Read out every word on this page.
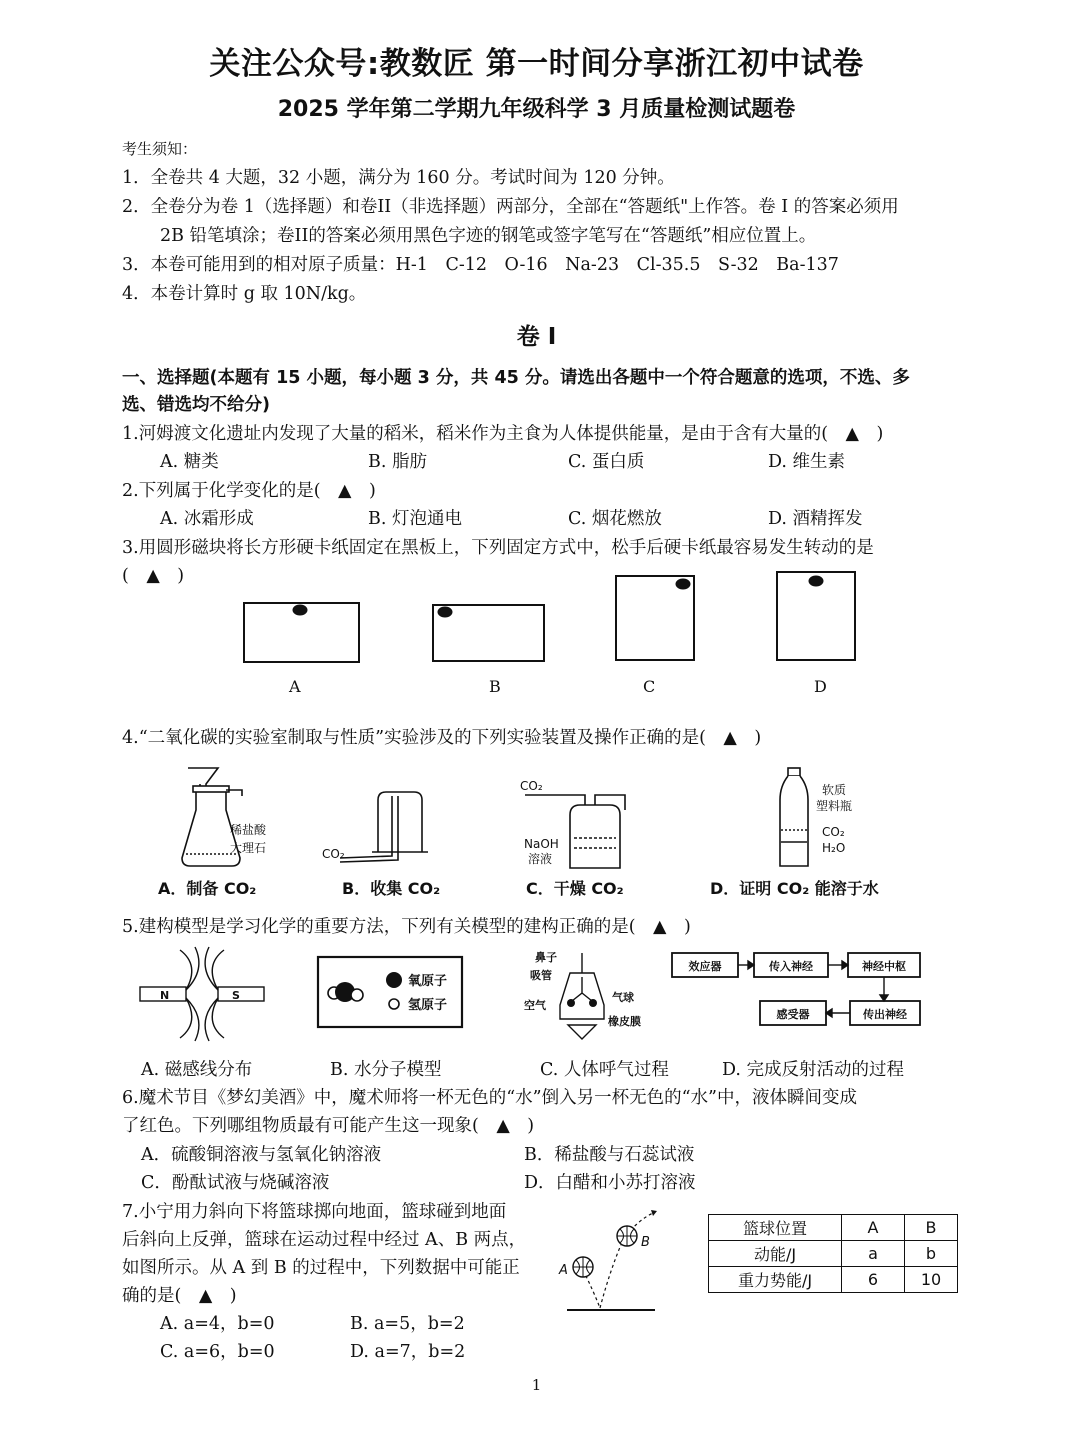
关注公众号:教数匠 第一时间分享浙江初中试卷
2025 学年第二学期九年级科学 3 月质量检测试题卷
考生须知：
1．全卷共 4 大题，32 小题，满分为 160 分。考试时间为 120 分钟。
2．全卷分为卷 1（选择题）和卷II（非选择题）两部分，全部在“答题纸"上作答。卷 I 的答案必须用
2B 铅笔填涂；卷II的答案必须用黑色字迹的钢笔或签字笔写在“答题纸”相应位置上。
3．本卷可能用到的相对原子质量：H-1　C-12　O-16　Na-23　Cl-35.5　S-32　Ba-137
4．本卷计算时 g 取 10N/kg。
卷 I
一、选择题(本题有 15 小题，每小题 3 分，共 45 分。请选出各题中一个符合题意的选项，不选、多
选、错选均不给分)
1.河姆渡文化遗址内发现了大量的稻米，稻米作为主食为人体提供能量，是由于含有大量的(　▲　)
A. 糖类	B. 脂肪	C. 蛋白质	D. 维生素
2.下列属于化学变化的是(　▲　)
A. 冰霜形成	B. 灯泡通电	C. 烟花燃放	D. 酒精挥发
3.用圆形磁块将长方形硬卡纸固定在黑板上，下列固定方式中，松手后硬卡纸最容易发生转动的是
(　▲　)
A	B	C	D
4.“二氧化碳的实验室制取与性质”实验涉及的下列实验装置及操作正确的是(　▲　)
稀盐酸
大理石	CO₂
CO₂
NaOH
溶液
软质
塑料瓶
CO₂
H₂O
A．制备 CO₂	B．收集 CO₂	C．干燥 CO₂	D．证明 CO₂ 能溶于水
5.建构模型是学习化学的重要方法，下列有关模型的建构正确的是(　▲　)
N	S
氧原子
氢原子
鼻子
吸管
空气
气球
橡皮膜
效应器	传入神经	神经中枢
感受器	传出神经
A. 磁感线分布	B. 水分子模型	C. 人体呼气过程	D. 完成反射活动的过程
6.魔术节目《梦幻美酒》中，魔术师将一杯无色的“水”倒入另一杯无色的“水”中，液体瞬间变成
了红色。下列哪组物质最有可能产生这一现象(　▲　)
A．硫酸铜溶液与氢氧化钠溶液	B．稀盐酸与石蕊试液
C．酚酞试液与烧碱溶液	D．白醋和小苏打溶液
7.小宁用力斜向下将篮球掷向地面，篮球碰到地面
后斜向上反弹，篮球在运动过程中经过 A、B 两点，
如图所示。从 A 到 B 的过程中，下列数据中可能正
确的是(　▲　)
A. a=4，b=0	B. a=5，b=2
C. a=6，b=0	D. a=7，b=2
A
B
篮球位置	A	B
动能/J	a	b
重力势能/J	6	10
1
